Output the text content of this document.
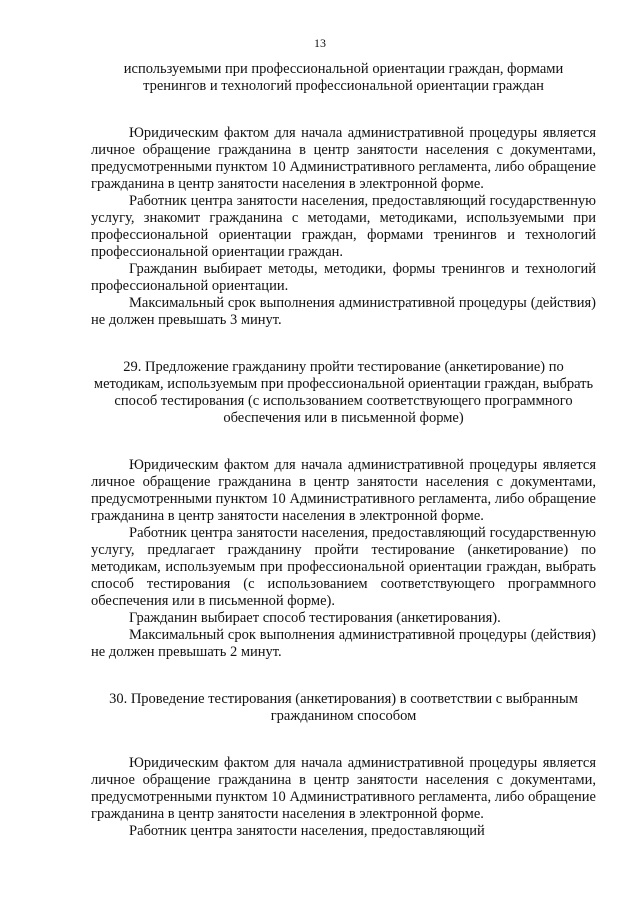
13

используемыми при профессиональной ориентации граждан, формами тренингов и технологий профессиональной ориентации граждан

Юридическим фактом для начала административной процедуры является личное обращение гражданина в центр занятости населения с документами, предусмотренными пунктом 10 Административного регламента, либо обращение гражданина в центр занятости населения в электронной форме.

Работник центра занятости населения, предоставляющий государственную услугу, знакомит гражданина с методами, методиками, используемыми при профессиональной ориентации граждан, формами тренингов и технологий профессиональной ориентации граждан.

Гражданин выбирает методы, методики, формы тренингов и технологий профессиональной ориентации.

Максимальный срок выполнения административной процедуры (действия) не должен превышать 3 минут.

29. Предложение гражданину пройти тестирование (анкетирование) по методикам, используемым при профессиональной ориентации граждан, выбрать способ тестирования (с использованием соответствующего программного обеспечения или в письменной форме)

Юридическим фактом для начала административной процедуры является личное обращение гражданина в центр занятости населения с документами, предусмотренными пунктом 10 Административного регламента, либо обращение гражданина в центр занятости населения в электронной форме.

Работник центра занятости населения, предоставляющий государственную услугу, предлагает гражданину пройти тестирование (анкетирование) по методикам, используемым при профессиональной ориентации граждан, выбрать способ тестирования (с использованием соответствующего программного обеспечения или в письменной форме).

Гражданин выбирает способ тестирования (анкетирования).

Максимальный срок выполнения административной процедуры (действия) не должен превышать 2 минут.

30. Проведение тестирования (анкетирования) в соответствии с выбранным гражданином способом

Юридическим фактом для начала административной процедуры является личное обращение гражданина в центр занятости населения с документами, предусмотренными пунктом 10 Административного регламента, либо обращение гражданина в центр занятости населения в электронной форме.

Работник центра занятости населения, предоставляющий
